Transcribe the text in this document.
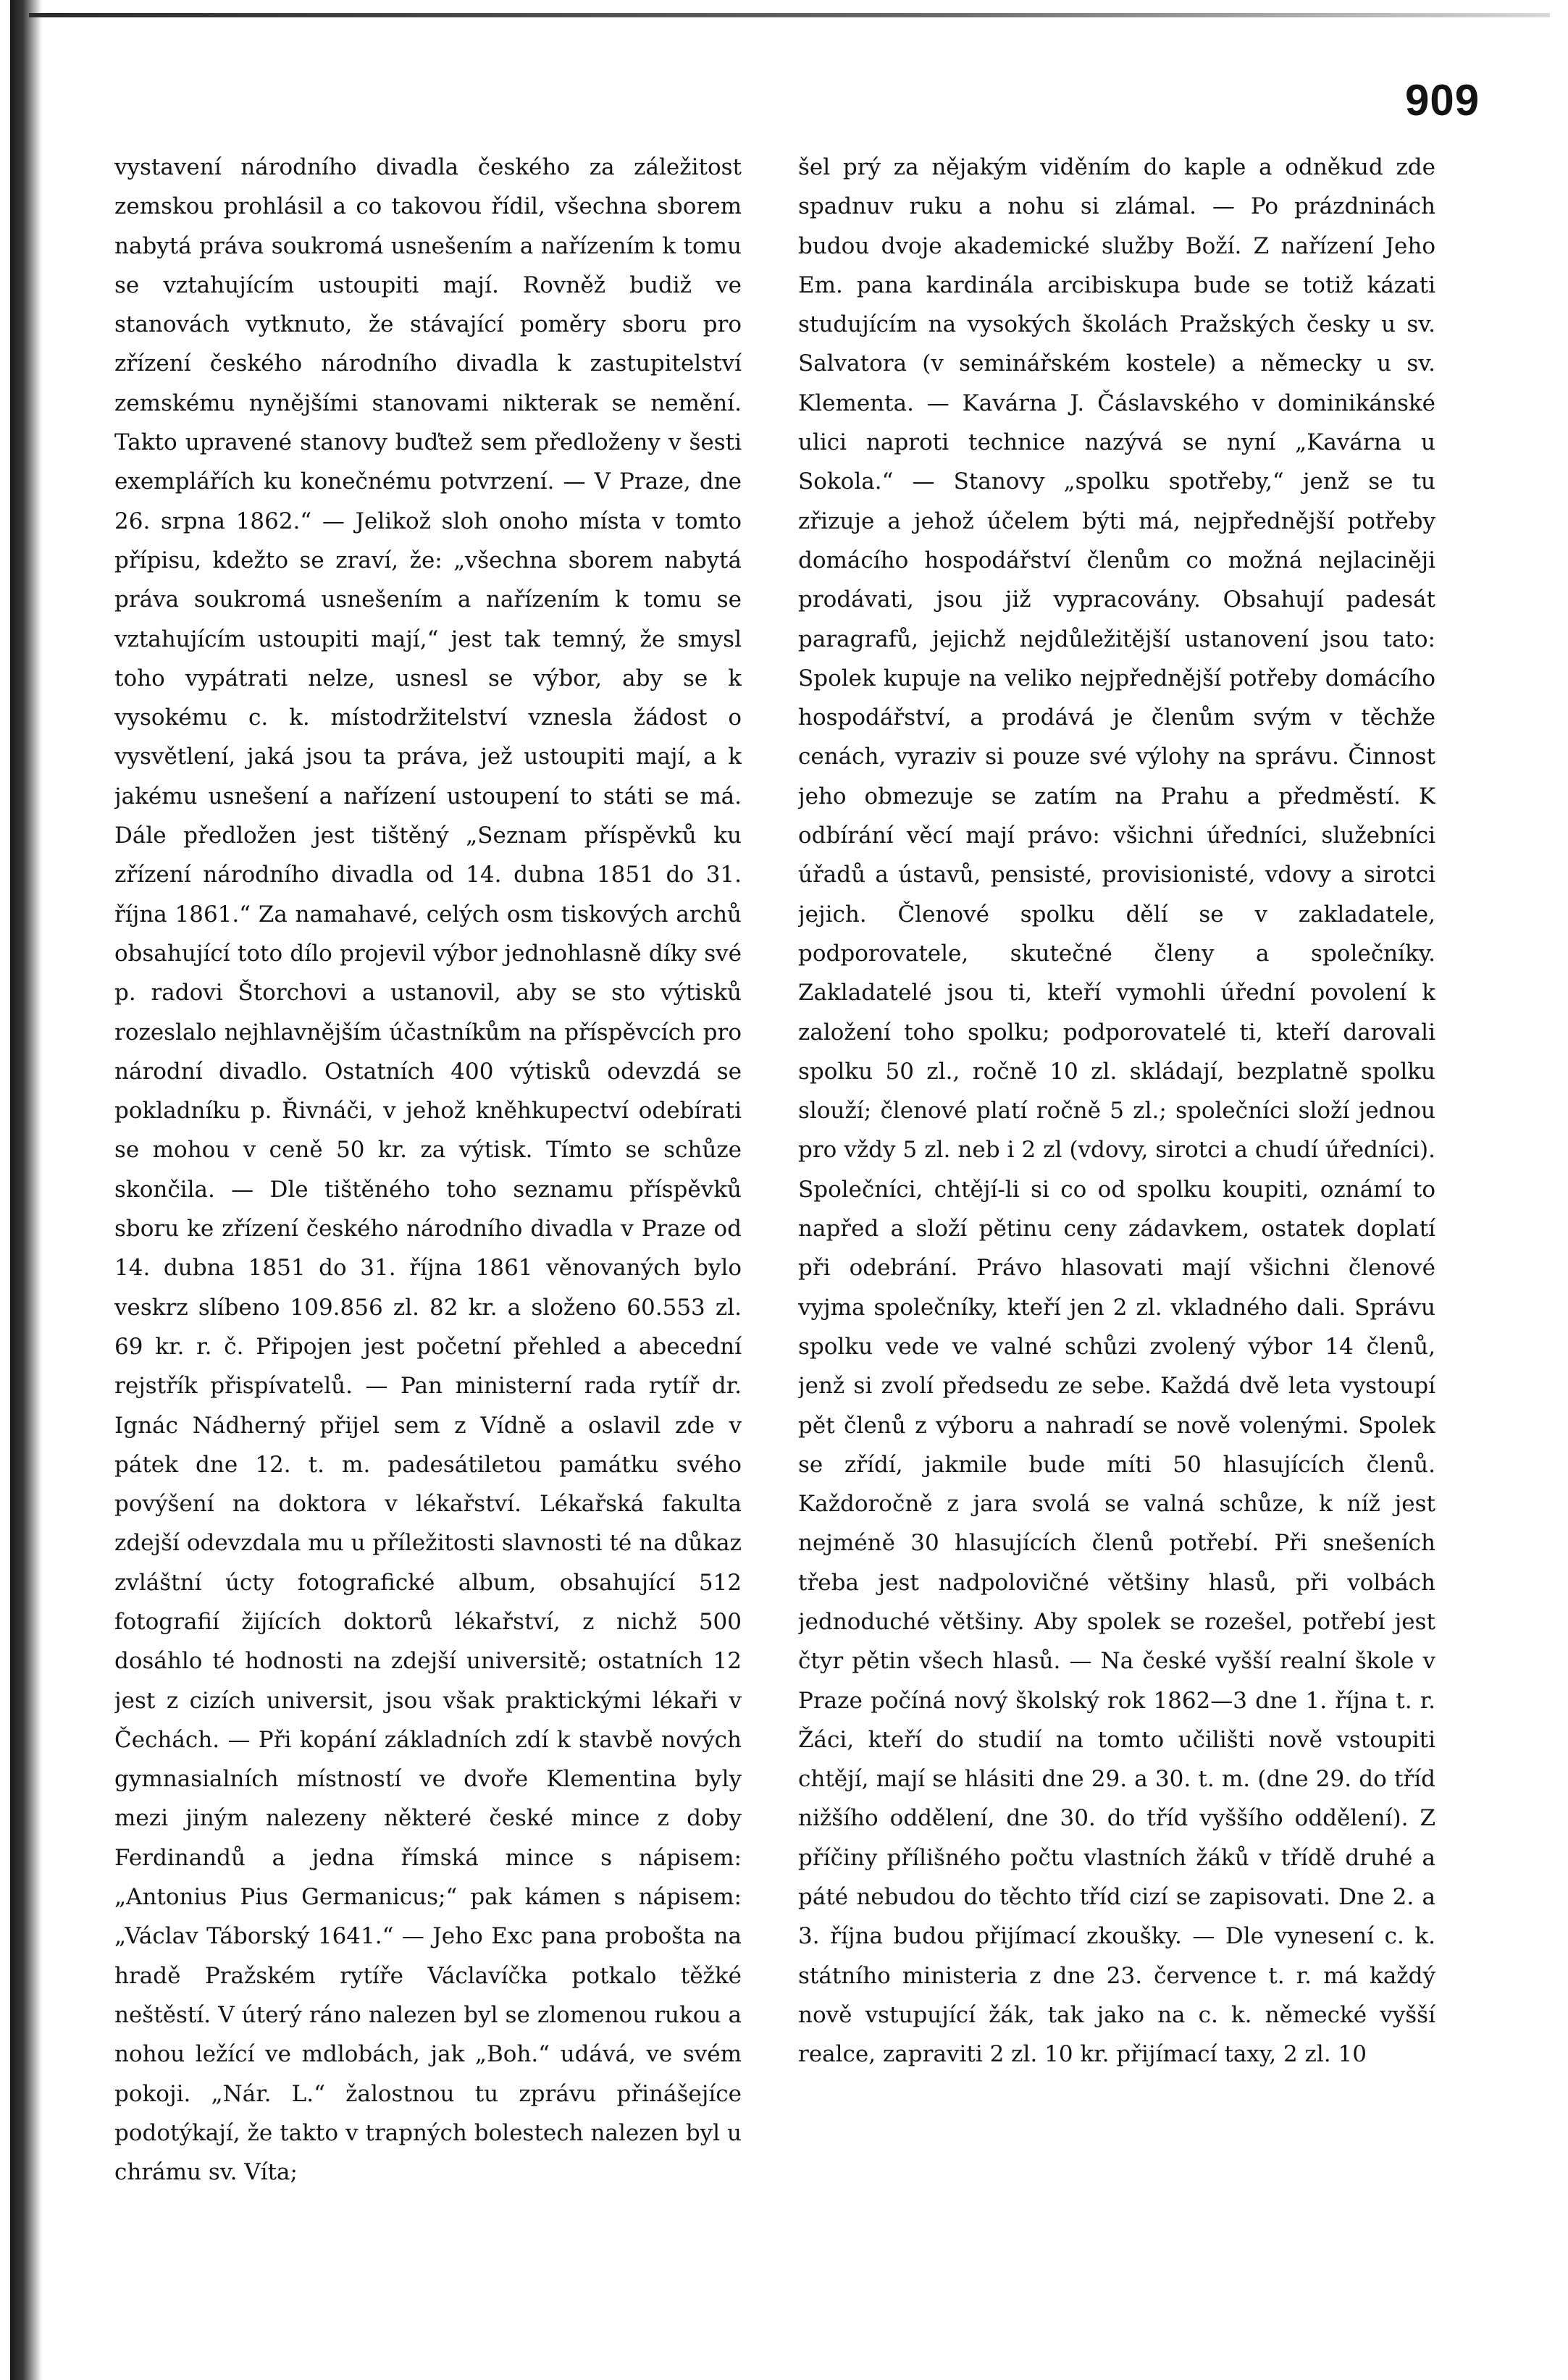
909

vystavení národního divadla českého za záležitost zemskou prohlásil a co takovou řídil, všechna sborem nabytá práva soukromá usnešením a nařízením k tomu se vztahujícím ustoupiti mají. Rovněž budiž ve stanovách vytknuto, že stávající poměry sboru pro zřízení českého národního divadla k zastupitelství zemskému nynějšími stanovami nikterak se nemění. Takto upravené stanovy buďtež sem předloženy v šesti exemplářích ku konečnému potvrzení. — V Praze, dne 26. srpna 1862.“ — Jelikož sloh onoho místa v tomto přípisu, kdežto se zraví, že: „všechna sborem nabytá práva soukromá usnešením a nařízením k tomu se vztahujícím ustoupiti mají,“ jest tak temný, že smysl toho vypátrati nelze, usnesl se výbor, aby se k vysokému c. k. místodržitelství vznesla žádost o vysvětlení, jaká jsou ta práva, jež ustoupiti mají, a k jakému usnešení a nařízení ustoupení to státi se má. Dále předložen jest tištěný „Seznam příspěvků ku zřízení národního divadla od 14. dubna 1851 do 31. října 1861.“ Za namahavé, celých osm tiskových archů obsahující toto dílo projevil výbor jednohlasně díky své p. radovi Štorchovi a ustanovil, aby se sto výtisků rozeslalo nejhlavnějším účastníkům na příspěvcích pro národní divadlo. Ostatních 400 výtisků odevzdá se pokladníku p. Řivnáči, v jehož kněhkupectví odebírati se mohou v ceně 50 kr. za výtisk. Tímto se schůze skončila. — Dle tištěného toho seznamu příspěvků sboru ke zřízení českého národního divadla v Praze od 14. dubna 1851 do 31. října 1861 věnovaných bylo veskrz slíbeno 109.856 zl. 82 kr. a složeno 60.553 zl. 69 kr. r. č. Připojen jest početní přehled a abecední rejstřík přispívatelů. — Pan ministerní rada rytíř dr. Ignác Nádherný přijel sem z Vídně a oslavil zde v pátek dne 12. t. m. padesátiletou památku svého povýšení na doktora v lékařství. Lékařská fakulta zdejší odevzdala mu u příležitosti slavnosti té na důkaz zvláštní úcty fotografické album, obsahující 512 fotografií žijících doktorů lékařství, z nichž 500 dosáhlo té hodnosti na zdejší universitě; ostatních 12 jest z cizích universit, jsou však praktickými lékaři v Čechách. — Při kopání základních zdí k stavbě nových gymnasialních místností ve dvoře Klementina byly mezi jiným nalezeny některé české mince z doby Ferdinandů a jedna římská mince s nápisem: „Antonius Pius Germanicus;“ pak kámen s nápisem: „Václav Táborský 1641.“ — Jeho Exc pana probošta na hradě Pražském rytíře Václavíčka potkalo těžké neštěstí. V úterý ráno nalezen byl se zlomenou rukou a nohou ležící ve mdlobách, jak „Boh.“ udává, ve svém pokoji. „Nár. L.“ žalostnou tu zprávu přinášejíce podotýkají, že takto v trapných bolestech nalezen byl u chrámu sv. Víta;

šel prý za nějakým viděním do kaple a odněkud zde spadnuv ruku a nohu si zlámal. — Po prázdninách budou dvoje akademické služby Boží. Z nařízení Jeho Em. pana kardinála arcibiskupa bude se totiž kázati studujícím na vysokých školách Pražských česky u sv. Salvatora (v seminářském kostele) a německy u sv. Klementa. — Kavárna J. Čáslavského v dominikánské ulici naproti technice nazývá se nyní „Kavárna u Sokola.“ — Stanovy „spolku spotřeby,“ jenž se tu zřizuje a jehož účelem býti má, nejpřednější potřeby domácího hospodářství členům co možná nejlaciněji prodávati, jsou již vypracovány. Obsahují padesát paragrafů, jejichž nejdůležitější ustanovení jsou tato: Spolek kupuje na veliko nejpřednější potřeby domácího hospodářství, a prodává je členům svým v těchže cenách, vyraziv si pouze své výlohy na správu. Činnost jeho obmezuje se zatím na Prahu a předměstí. K odbírání věcí mají právo: všichni úředníci, služebníci úřadů a ústavů, pensisté, provisionisté, vdovy a sirotci jejich. Členové spolku dělí se v zakladatele, podporovatele, skutečné členy a společníky. Zakladatelé jsou ti, kteří vymohli úřední povolení k založení toho spolku; podporovatelé ti, kteří darovali spolku 50 zl., ročně 10 zl. skládají, bezplatně spolku slouží; členové platí ročně 5 zl.; společníci složí jednou pro vždy 5 zl. neb i 2 zl (vdovy, sirotci a chudí úředníci). Společníci, chtějí-li si co od spolku koupiti, oznámí to napřed a složí pětinu ceny zádavkem, ostatek doplatí při odebrání. Právo hlasovati mají všichni členové vyjma společníky, kteří jen 2 zl. vkladného dali. Správu spolku vede ve valné schůzi zvolený výbor 14 členů, jenž si zvolí předsedu ze sebe. Každá dvě leta vystoupí pět členů z výboru a nahradí se nově volenými. Spolek se zřídí, jakmile bude míti 50 hlasujících členů. Každoročně z jara svolá se valná schůze, k níž jest nejméně 30 hlasujících členů potřebí. Při snešeních třeba jest nadpolovičné většiny hlasů, při volbách jednoduché většiny. Aby spolek se rozešel, potřebí jest čtyr pětin všech hlasů. — Na české vyšší realní škole v Praze počíná nový školský rok 1862—3 dne 1. října t. r. Žáci, kteří do studií na tomto učilišti nově vstoupiti chtějí, mají se hlásiti dne 29. a 30. t. m. (dne 29. do tříd nižšího oddělení, dne 30. do tříd vyššího oddělení). Z příčiny přílišného počtu vlastních žáků v třídě druhé a páté nebudou do těchto tříd cizí se zapisovati. Dne 2. a 3. října budou přijímací zkoušky. — Dle vynesení c. k. státního ministeria z dne 23. července t. r. má každý nově vstupující žák, tak jako na c. k. německé vyšší realce, zapraviti 2 zl. 10 kr. přijímací taxy, 2 zl. 10
